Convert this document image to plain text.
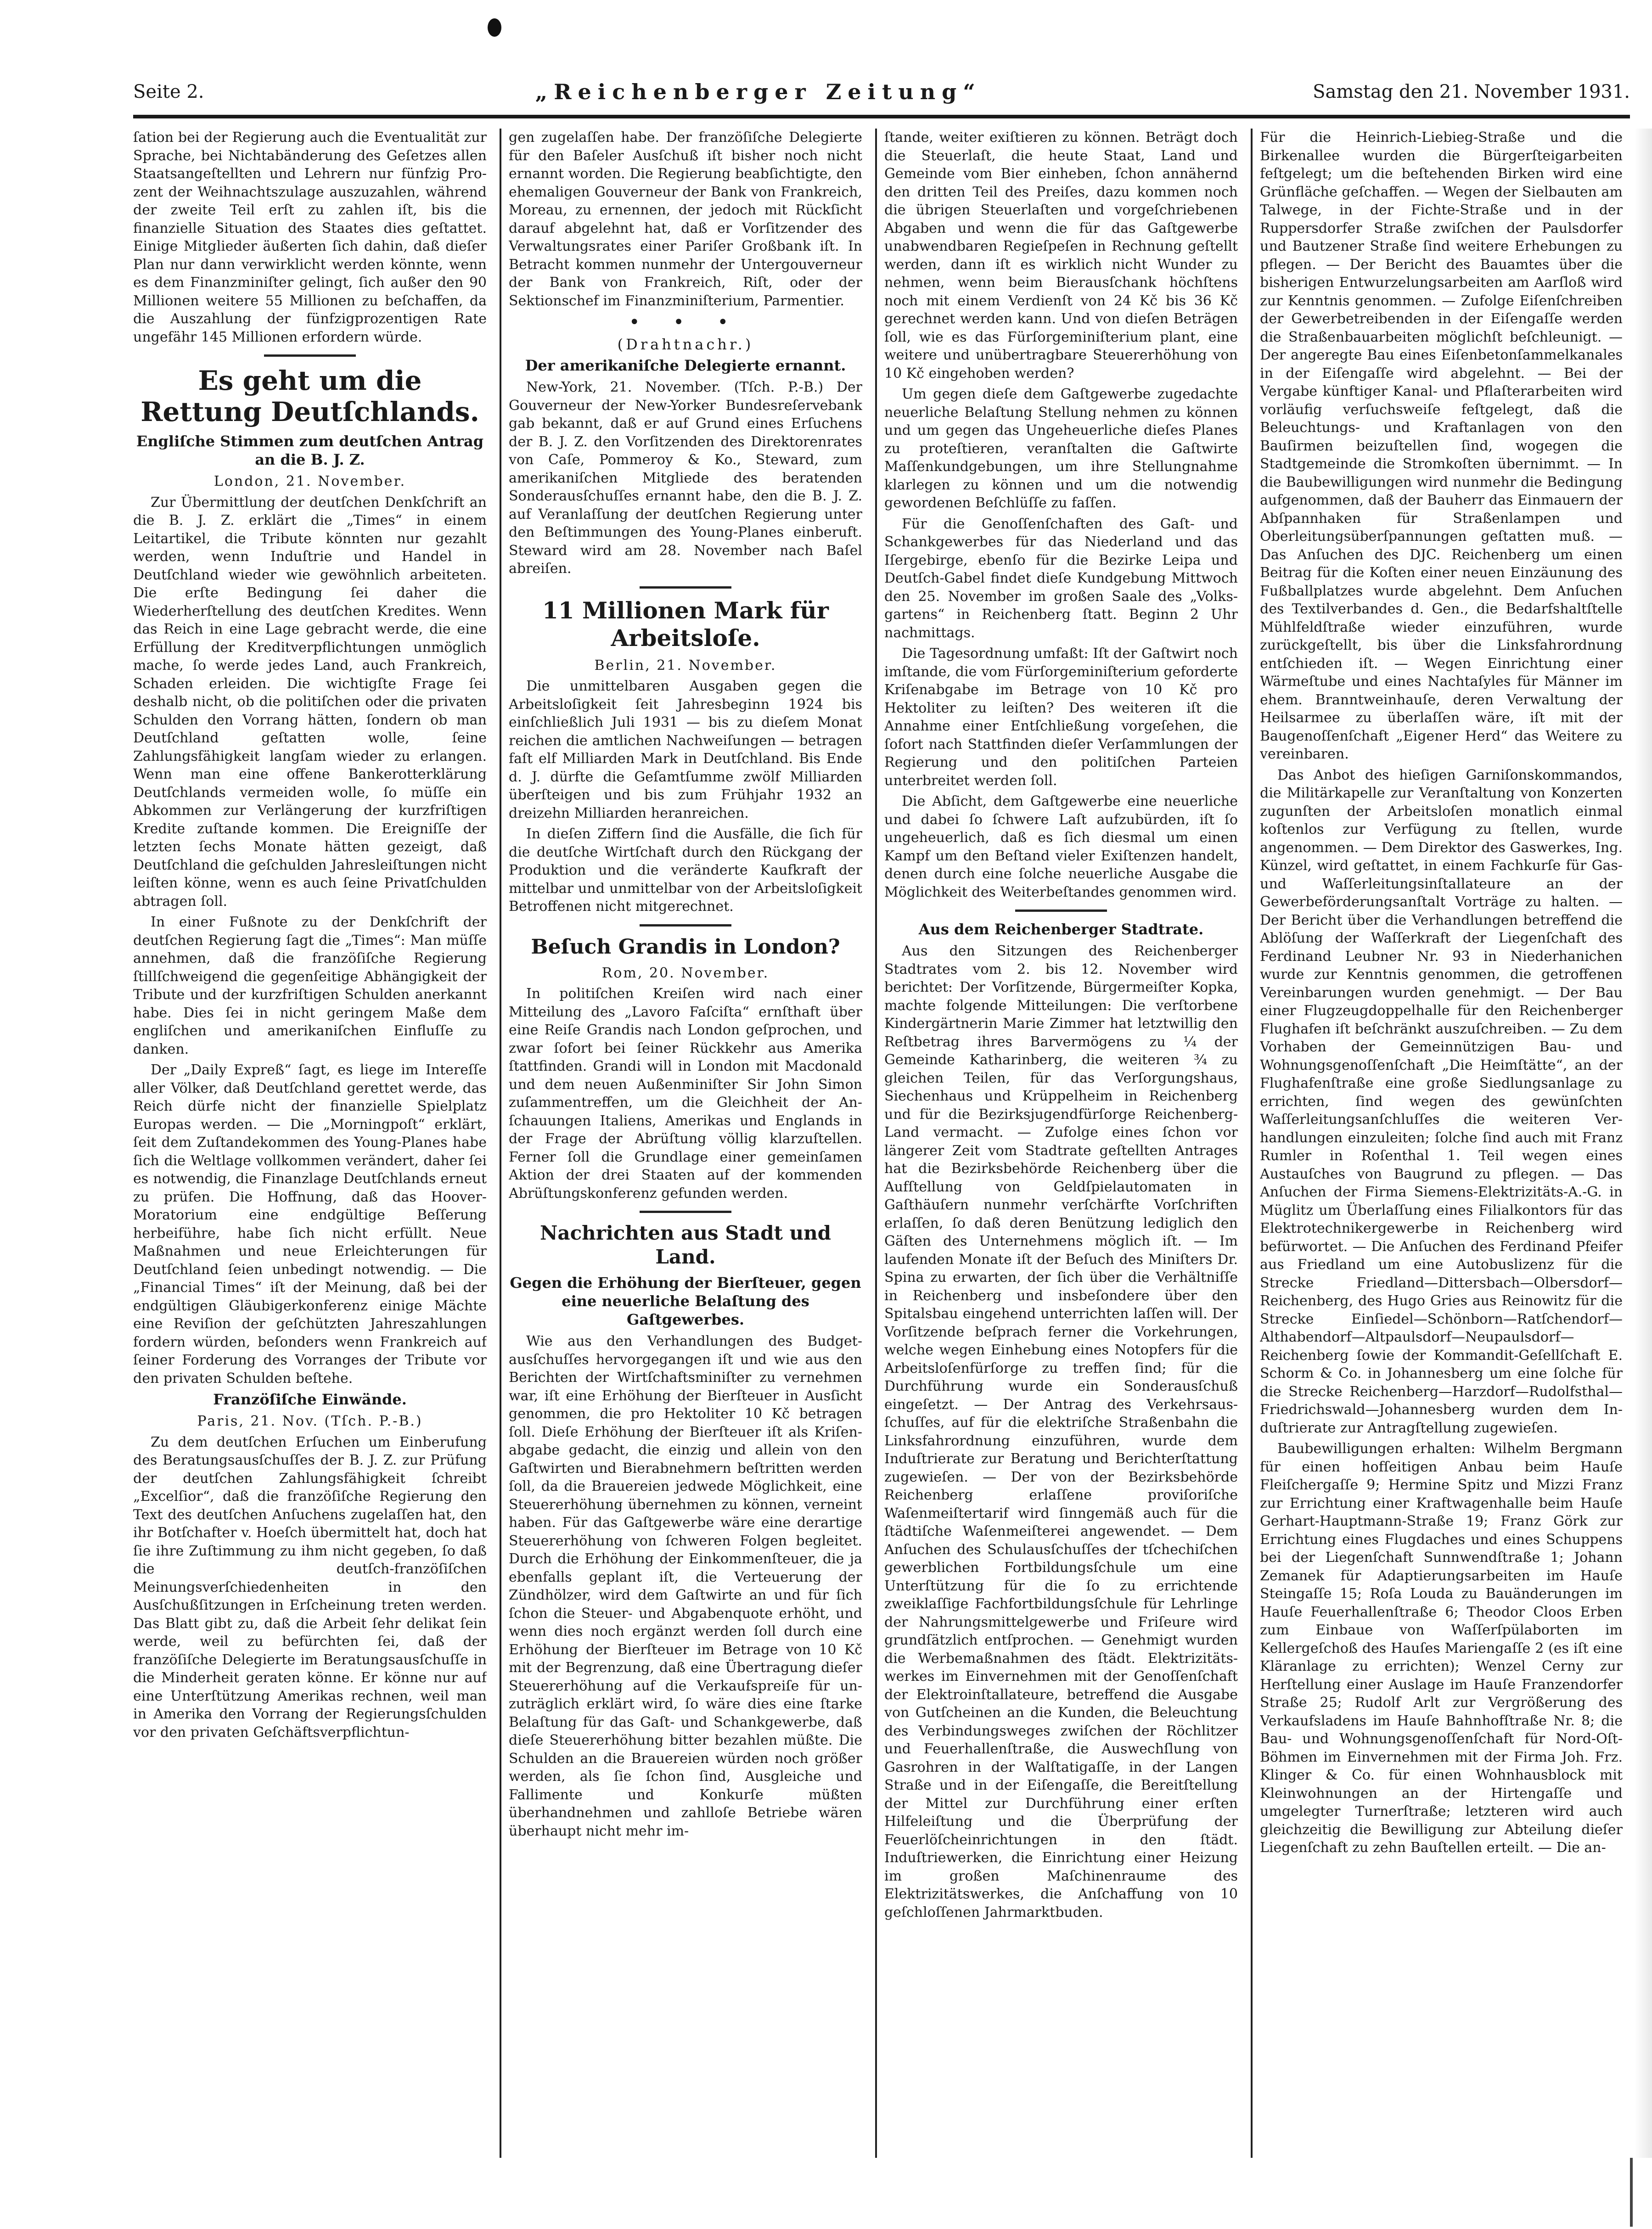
Seite 2.	„Reichenberger Zeitung“	Samstag den 21. November 1931.

ſation bei der Regierung auch die Eventualität zur Sprache, bei Nichtabänderung des Geſetzes allen Staatsangeſtellten und Lehrern nur fünfzig Prozent der Weihnachtszulage auszuzahlen, während der zweite Teil erſt zu zahlen iſt, bis die finanzielle Situation des Staates dies geſtattet. Einige Mitglieder äußerten ſich dahin, daß dieſer Plan nur dann verwirklicht werden könnte, wenn es dem Finanzminiſter gelingt, ſich außer den 90 Millionen weitere 55 Millionen zu beſchaffen, da die Auszahlung der fünfzigprozentigen Rate ungefähr 145 Millionen erfordern würde.

Es geht um die Rettung Deutſchlands.
Engliſche Stimmen zum deutſchen Antrag an die B. J. Z.
London, 21. November.

Zur Übermittlung der deutſchen Denkſchrift an die B. J. Z. erklärt die „Times“ in einem Leitartikel, die Tribute könnten nur gezahlt werden, wenn Induſtrie und Handel in Deutſchland wieder wie gewöhnlich arbeiteten. Die erſte Bedingung ſei daher die Wiederherſtellung des deutſchen Kredites. Wenn das Reich in eine Lage gebracht werde, die eine Erfüllung der Kreditverpflichtungen unmöglich mache, ſo werde jedes Land, auch Frankreich, Schaden erleiden. Die wichtigſte Frage ſei deshalb nicht, ob die politiſchen oder die privaten Schulden den Vorrang hätten, ſondern ob man Deutſchland geſtatten wolle, ſeine Zahlungsfähigkeit langſam wieder zu erlangen. Wenn man eine offene Bankerotterklärung Deutſchlands vermeiden wolle, ſo müſſe ein Abkommen zur Verlängerung der kurzfriſtigen Kredite zuſtande kommen. Die Ereigniſſe der letzten ſechs Monate hätten gezeigt, daß Deutſchland die geſchulden Jahresleiſtungen nicht leiſten könne, wenn es auch ſeine Privatſchulden abtragen ſoll.

In einer Fußnote zu der Denkſchrift der deutſchen Regierung ſagt die „Times“: Man müſſe annehmen, daß die franzöſiſche Regierung ſtillſchweigend die gegenſeitige Abhängigkeit der Tribute und der kurzfriſtigen Schulden anerkannt habe. Dies ſei in nicht geringem Maße dem engliſchen und amerikaniſchen Einfluſſe zu danken.

Der „Daily Expreß“ ſagt, es liege im Intereſſe aller Völker, daß Deutſchland gerettet werde, das Reich dürfe nicht der finanzielle Spielplatz Europas werden. — Die „Morningpoſt“ erklärt, ſeit dem Zuſtandekommen des Young-Planes habe ſich die Weltlage vollkommen verändert, daher ſei es notwendig, die Finanzlage Deutſchlands erneut zu prüfen. Die Hoffnung, daß das Hoover-Moratorium eine endgültige Beſſerung herbeiführe, habe ſich nicht erfüllt. Neue Maßnahmen und neue Erleichterungen für Deutſchland ſeien unbedingt notwendig. — Die „Financial Times“ iſt der Meinung, daß bei der endgültigen Gläubigerkonferenz einige Mächte eine Reviſion der geſchützten Jahreszahlungen fordern würden, beſonders wenn Frankreich auf ſeiner Forderung des Vorranges der Tribute vor den privaten Schulden beſtehe.

Franzöſiſche Einwände.
Paris, 21. Nov. (Tſch. P.-B.)

Zu dem deutſchen Erſuchen um Einberufung des Beratungsausſchuſſes der B. J. Z. zur Prüfung der deutſchen Zahlungsfähigkeit ſchreibt „Excelſior“, daß die franzöſiſche Regierung den Text des deutſchen Anſuchens zugelaſſen hat, den ihr Botſchafter v. Hoeſch übermittelt hat, doch hat ſie ihre Zuſtimmung zu ihm nicht gegeben, ſo daß die deutſch-franzöſiſchen Meinungsverſchiedenheiten in den Ausſchußſitzungen in Erſcheinung treten werden. Das Blatt gibt zu, daß die Arbeit ſehr delikat ſein werde, weil zu befürchten ſei, daß der franzöſiſche Delegierte im Beratungsausſchuſſe in die Minderheit geraten könne. Er könne nur auf eine Unterſtützung Amerikas rechnen, weil man in Amerika den Vorrang der Regierungsſchulden vor den privaten Geſchäftsverpflichtun-

gen zugelaſſen habe. Der franzöſiſche Delegierte für den Baſeler Ausſchuß iſt bisher noch nicht ernannt worden. Die Regierung beabſichtigte, den ehemaligen Gouverneur der Bank von Frankreich, Moreau, zu ernennen, der jedoch mit Rückſicht darauf abgelehnt hat, daß er Vorſitzender des Verwaltungsrates einer Pariſer Großbank iſt. In Betracht kommen nunmehr der Untergouverneur der Bank von Frankreich, Riſt, oder der Sektionschef im Finanzminiſterium, Parmentier.

• • •
(Drahtnachr.)
Der amerikaniſche Delegierte ernannt.

New-York, 21. November. (Tſch. P.-B.) Der Gouverneur der New-Yorker Bundesreſervebank gab bekannt, daß er auf Grund eines Erſuchens der B. J. Z. den Vorſitzenden des Direktorenrates von Caſe, Pommeroy & Ko., Steward, zum amerikaniſchen Mitgliede des beratenden Sonderausſchuſſes ernannt habe, den die B. J. Z. auf Veranlaſſung der deutſchen Regierung unter den Beſtimmungen des Young-Planes einberuft. Steward wird am 28. November nach Baſel abreiſen.

11 Millionen Mark für Arbeitsloſe.
Berlin, 21. November.

Die unmittelbaren Ausgaben gegen die Arbeitsloſigkeit ſeit Jahresbeginn 1924 bis einſchließlich Juli 1931 — bis zu dieſem Monat reichen die amtlichen Nachweiſungen — betragen faſt elf Milliarden Mark in Deutſchland. Bis Ende d. J. dürfte die Geſamtſumme zwölf Milliarden überſteigen und bis zum Frühjahr 1932 an dreizehn Milliarden heranreichen.

In dieſen Ziffern ſind die Ausfälle, die ſich für die deutſche Wirtſchaft durch den Rückgang der Produktion und die veränderte Kaufkraft der mittelbar und unmittelbar von der Arbeitsloſigkeit Betroffenen nicht mitgerechnet.

Beſuch Grandis in London?
Rom, 20. November.

In politiſchen Kreiſen wird nach einer Mitteilung des „Lavoro Faſciſta“ ernſthaft über eine Reiſe Grandis nach London geſprochen, und zwar ſofort bei ſeiner Rückkehr aus Amerika ſtattfinden. Grandi will in London mit Macdonald und dem neuen Außenminiſter Sir John Simon zuſammentreffen, um die Gleichheit der Anſchauungen Italiens, Amerikas und Englands in der Frage der Abrüſtung völlig klarzuſtellen. Ferner ſoll die Grundlage einer gemeinſamen Aktion der drei Staaten auf der kommenden Abrüſtungskonferenz gefunden werden.

Nachrichten aus Stadt und Land.
Gegen die Erhöhung der Bierſteuer, gegen eine neuerliche Belaſtung des Gaſtgewerbes.

Wie aus den Verhandlungen des Budgetausſchuſſes hervorgegangen iſt und wie aus den Berichten der Wirtſchaftsminiſter zu vernehmen war, iſt eine Erhöhung der Bierſteuer in Ausſicht genommen, die pro Hektoliter 10 Kč betragen ſoll. Dieſe Erhöhung der Bierſteuer iſt als Kriſenabgabe gedacht, die einzig und allein von den Gaſtwirten und Bierabnehmern beſtritten werden ſoll, da die Brauereien jedwede Möglichkeit, eine Steuererhöhung übernehmen zu können, verneint haben. Für das Gaſtgewerbe wäre eine derartige Steuererhöhung von ſchweren Folgen begleitet. Durch die Erhöhung der Einkommenſteuer, die ja ebenfalls geplant iſt, die Verteuerung der Zündhölzer, wird dem Gaſtwirte an und für ſich ſchon die Steuer- und Abgabenquote erhöht, und wenn dies noch ergänzt werden ſoll durch eine Erhöhung der Bierſteuer im Betrage von 10 Kč mit der Begrenzung, daß eine Übertragung dieſer Steuererhöhung auf die Verkaufspreiſe für unzuträglich erklärt wird, ſo wäre dies eine ſtarke Belaſtung für das Gaſt- und Schankgewerbe, daß dieſe Steuererhöhung bitter bezahlen müßte. Die Schulden an die Brauereien würden noch größer werden, als ſie ſchon ſind, Ausgleiche und Fallimente und Konkurſe müßten überhandnehmen und zahlloſe Betriebe wären überhaupt nicht mehr im-

ſtande, weiter exiſtieren zu können. Beträgt doch die Steuerlaſt, die heute Staat, Land und Gemeinde vom Bier einheben, ſchon annähernd den dritten Teil des Preiſes, dazu kommen noch die übrigen Steuerlaſten und vorgeſchriebenen Abgaben und wenn die für das Gaſtgewerbe unabwendbaren Regieſpeſen in Rechnung geſtellt werden, dann iſt es wirklich nicht Wunder zu nehmen, wenn beim Bierausſchank höchſtens noch mit einem Verdienſt von 24 Kč bis 36 Kč gerechnet werden kann. Und von dieſen Beträgen ſoll, wie es das Fürſorgeminiſterium plant, eine weitere und unübertragbare Steuererhöhung von 10 Kč eingehoben werden?

Um gegen dieſe dem Gaſtgewerbe zugedachte neuerliche Belaſtung Stellung nehmen zu können und um gegen das Ungeheuerliche dieſes Planes zu proteſtieren, veranſtalten die Gaſtwirte Maſſenkundgebungen, um ihre Stellungnahme klarlegen zu können und um die notwendig gewordenen Beſchlüſſe zu faſſen.

Für die Genoſſenſchaften des Gaſt- und Schankgewerbes für das Niederland und das Iſergebirge, ebenſo für die Bezirke Leipa und Deutſch-Gabel findet dieſe Kundgebung Mittwoch den 25. November im großen Saale des „Volksgartens“ in Reichenberg ſtatt. Beginn 2 Uhr nachmittags.

Die Tagesordnung umfaßt: Iſt der Gaſtwirt noch imſtande, die vom Fürſorgeminiſterium geforderte Kriſenabgabe im Betrage von 10 Kč pro Hektoliter zu leiſten? Des weiteren iſt die Annahme einer Entſchließung vorgeſehen, die ſofort nach Stattfinden dieſer Verſammlungen der Regierung und den politiſchen Parteien unterbreitet werden ſoll.

Die Abſicht, dem Gaſtgewerbe eine neuerliche und dabei ſo ſchwere Laſt aufzubürden, iſt ſo ungeheuerlich, daß es ſich diesmal um einen Kampf um den Beſtand vieler Exiſtenzen handelt, denen durch eine ſolche neuerliche Ausgabe die Möglichkeit des Weiterbeſtandes genommen wird.

Aus dem Reichenberger Stadtrate.

Aus den Sitzungen des Reichenberger Stadtrates vom 2. bis 12. November wird berichtet: Der Vorſitzende, Bürgermeiſter Kopka, machte folgende Mitteilungen: Die verſtorbene Kindergärtnerin Marie Zimmer hat letztwillig den Reſtbetrag ihres Barvermögens zu ¼ der Gemeinde Katharinberg, die weiteren ¾ zu gleichen Teilen, für das Verſorgungshaus, Siechenhaus und Krüppelheim in Reichenberg und für die Bezirksjugendfürſorge ReichenbergLand vermacht. — Zufolge eines ſchon vor längerer Zeit vom Stadtrate geſtellten Antrages hat die Bezirksbehörde Reichenberg über die Aufſtellung von Geldſpielautomaten in Gaſthäuſern nunmehr verſchärfte Vorſchriften erlaſſen, ſo daß deren Benützung lediglich den Gäſten des Unternehmens möglich iſt. — Im laufenden Monate iſt der Beſuch des Miniſters Dr. Spina zu erwarten, der ſich über die Verhältniſſe in Reichenberg und insbeſondere über den Spitalsbau eingehend unterrichten laſſen will. Der Vorſitzende beſprach ferner die Vorkehrungen, welche wegen Einhebung eines Notopfers für die Arbeitsloſenfürſorge zu treffen ſind; für die Durchführung wurde ein Sonderausſchuß eingeſetzt. — Der Antrag des Verkehrsausſchuſſes, auf für die elektriſche Straßenbahn die Linksfahrordnung einzuführen, wurde dem Induſtrierate zur Beratung und Berichterſtattung zugewieſen. — Der von der Bezirksbehörde Reichenberg erlaſſene proviſoriſche Waſenmeiſtertarif wird ſinngemäß auch für die ſtädtiſche Waſenmeiſterei angewendet. — Dem Anſuchen des Schulausſchuſſes der tſchechiſchen gewerblichen Fortbildungsſchule um eine Unterſtützung für die ſo zu errichtende zweiklaſſige Fachfortbildungsſchule für Lehrlinge der Nahrungsmittelgewerbe und Friſeure wird grundſätzlich entſprochen. — Genehmigt wurden die Werbemaßnahmen des ſtädt. Elektrizitätswerkes im Einvernehmen mit der Genoſſenſchaft der Elektroinſtallateure, betreffend die Ausgabe von Gutſcheinen an die Kunden, die Beleuchtung des Verbindungsweges zwiſchen der Röchlitzer und Feuerhallenſtraße, die Auswechſlung von Gasrohren in der Walſtatigaſſe, in der Langen Straße und in der Eiſengaſſe, die Bereitſtellung der Mittel zur Durchführung einer erſten Hilfeleiſtung und die Überprüfung der Feuerlöſcheinrichtungen in den ſtädt. Induſtriewerken, die Einrichtung einer Heizung im großen Maſchinenraume des Elektrizitätswerkes, die Anſchaffung von 10 geſchloſſenen Jahrmarktbuden.

Für die Heinrich-Liebieg-Straße und die Birkenallee wurden die Bürgerſteigarbeiten feſtgelegt; um die beſtehenden Birken wird eine Grünfläche geſchaffen. — Wegen der Sielbauten am Talwege, in der Fichte-Straße und in der Ruppersdorfer Straße zwiſchen der Paulsdorfer und Bautzener Straße ſind weitere Erhebungen zu pflegen. — Der Bericht des Bauamtes über die bisherigen Entwurzelungsarbeiten am Aarſloß wird zur Kenntnis genommen. — Zufolge Eiſenſchreiben der Gewerbetreibenden in der Eiſengaſſe werden die Straßenbauarbeiten möglichſt beſchleunigt. — Der angeregte Bau eines Eiſenbetonſammelkanales in der Eiſengaſſe wird abgelehnt. — Bei der Vergabe künftiger Kanal- und Pflaſterarbeiten wird vorläufig verſuchsweiſe feſtgelegt, daß die Beleuchtungs- und Kraftanlagen von den Bauſirmen beizuſtellen ſind, wogegen die Stadtgemeinde die Stromkoſten übernimmt. — In die Baubewilligungen wird nunmehr die Bedingung aufgenommen, daß der Bauherr das Einmauern der Abſpannhaken für Straßenlampen und Oberleitungsüberſpannungen geſtatten muß. — Das Anſuchen des DJC. Reichenberg um einen Beitrag für die Koſten einer neuen Einzäunung des Fußballplatzes wurde abgelehnt. Dem Anſuchen des Textilverbandes d. Gen., die Bedarfshaltſtelle Mühlfeldſtraße wieder einzuführen, wurde zurückgeſtellt, bis über die Linksfahrordnung entſchieden iſt. — Wegen Einrichtung einer Wärmeſtube und eines Nachtaſyles für Männer im ehem. Branntweinhauſe, deren Verwaltung der Heilsarmee zu überlaſſen wäre, iſt mit der Baugenoſſenſchaft „Eigener Herd“ das Weitere zu vereinbaren.

Das Anbot des hieſigen Garniſonskommandos, die Militärkapelle zur Veranſtaltung von Konzerten zugunſten der Arbeitsloſen monatlich einmal koſtenlos zur Verfügung zu ſtellen, wurde angenommen. — Dem Direktor des Gaswerkes, Ing. Künzel, wird geſtattet, in einem Fachkurſe für Gas- und Waſſerleitungsinſtallateure an der Gewerbeförderungsanſtalt Vorträge zu halten. — Der Bericht über die Verhandlungen betreffend die Ablöſung der Waſſerkraft der Liegenſchaft des Ferdinand Leubner Nr. 93 in Niederhanichen wurde zur Kenntnis genommen, die getroffenen Vereinbarungen wurden genehmigt. — Der Bau einer Flugzeugdoppelhalle für den Reichenberger Flughafen iſt beſchränkt auszuſchreiben. — Zu dem Vorhaben der Gemeinnützigen Bau- und Wohnungsgenoſſenſchaft „Die Heimſtätte“, an der Flughafenſtraße eine große Siedlungsanlage zu errichten, ſind wegen des gewünſchten Waſſerleitungsanſchluſſes die weiteren Verhandlungen einzuleiten; ſolche ſind auch mit Franz Rumler in Roſenthal 1. Teil wegen eines Austauſches von Baugrund zu pflegen. — Das Anſuchen der Firma Siemens-Elektrizitäts-A.-G. in Müglitz um Überlaſſung eines Filialkontors für das Elektrotechnikergewerbe in Reichenberg wird befürwortet. — Die Anſuchen des Ferdinand Pfeifer aus Friedland um eine Autobuslizenz für die Strecke Friedland—Dittersbach—Olbersdorf—Reichenberg, des Hugo Gries aus Reinowitz für die Strecke Einſiedel—Schönborn—Ratſchendorf—Althabendorf—Altpaulsdorf—Neupaulsdorf—Reichenberg ſowie der Kommandit-Geſellſchaft E. Schorm & Co. in Johannesberg um eine ſolche für die Strecke Reichenberg—Harzdorf—Rudolfsthal—Friedrichswald—Johannesberg wurden dem Induſtrierate zur Antragſtellung zugewieſen.

Baubewilligungen erhalten: Wilhelm Bergmann für einen hofſeitigen Anbau beim Hauſe Fleiſchergaſſe 9; Hermine Spitz und Mizzi Franz zur Errichtung einer Kraftwagenhalle beim Hauſe Gerhart-Hauptmann-Straße 19; Franz Görk zur Errichtung eines Flugdaches und eines Schuppens bei der Liegenſchaft Sunnwendſtraße 1; Johann Zemanek für Adaptierungsarbeiten im Hauſe Steingaſſe 15; Roſa Louda zu Bauänderungen im Hauſe Feuerhallenſtraße 6; Theodor Cloos Erben zum Einbaue von Waſſerſpülaborten im Kellergeſchoß des Hauſes Mariengaſſe 2 (es iſt eine Kläranlage zu errichten); Wenzel Cerny zur Herſtellung einer Auslage im Hauſe Franzendorfer Straße 25; Rudolf Arlt zur Vergrößerung des Verkaufsladens im Hauſe Bahnhofſtraße Nr. 8; die Bau- und Wohnungsgenoſſenſchaft für Nord-Oſt-Böhmen im Einvernehmen mit der Firma Joh. Frz. Klinger & Co. für einen Wohnhausblock mit Kleinwohnungen an der Hirtengaſſe und umgelegter Turnerſtraße; letzteren wird auch gleichzeitig die Bewilligung zur Abteilung dieſer Liegenſchaft zu zehn Bauſtellen erteilt. — Die an-
